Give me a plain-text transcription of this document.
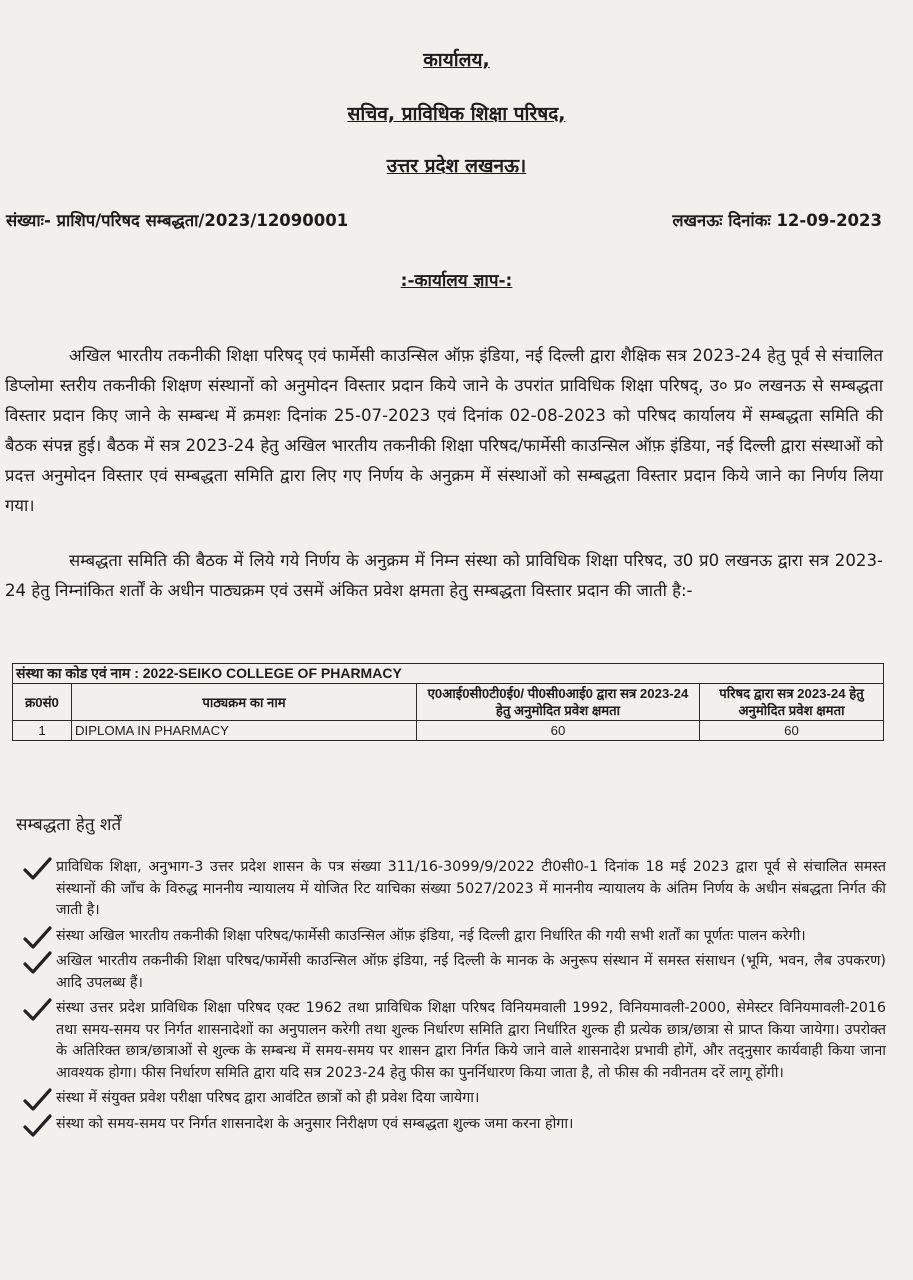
कार्यालय,

सचिव, प्राविधिक शिक्षा परिषद,

उत्तर प्रदेश लखनऊ।

संख्याः- प्राशिप/परिषद सम्बद्धता/2023/12090001	लखनऊः दिनांकः 12-09-2023
:-कार्यालय ज्ञाप-:

अखिल भारतीय तकनीकी शिक्षा परिषद् एवं फार्मेसी काउन्सिल ऑफ़ इंडिया, नई दिल्ली द्वारा शैक्षिक सत्र 2023-24 हेतु पूर्व से संचालित डिप्लोमा स्तरीय तकनीकी शिक्षण संस्थानों को अनुमोदन विस्तार प्रदान किये जाने के उपरांत प्राविधिक शिक्षा परिषद्, उ० प्र० लखनऊ से सम्बद्धता विस्तार प्रदान किए जाने के सम्बन्ध में क्रमशः दिनांक 25-07-2023 एवं दिनांक 02-08-2023 को परिषद कार्यालय में सम्बद्धता समिति की बैठक संपन्न हुई। बैठक में सत्र 2023-24 हेतु अखिल भारतीय तकनीकी शिक्षा परिषद/फार्मेसी काउन्सिल ऑफ़ इंडिया, नई दिल्ली द्वारा संस्थाओं को प्रदत्त अनुमोदन विस्तार एवं सम्बद्धता समिति द्वारा लिए गए निर्णय के अनुक्रम में संस्थाओं को सम्बद्धता विस्तार प्रदान किये जाने का निर्णय लिया गया।

सम्बद्धता समिति की बैठक में लिये गये निर्णय के अनुक्रम में निम्न संस्था को प्राविधिक शिक्षा परिषद, उ0 प्र0 लखनऊ द्वारा सत्र 2023-24 हेतु निम्नांकित शर्तों के अधीन पाठ्यक्रम एवं उसमें अंकित प्रवेश क्षमता हेतु सम्बद्धता विस्तार प्रदान की जाती है:-

संस्था का कोड एवं नाम : 2022-SEIKO COLLEGE OF PHARMACY			
क्र0सं0	पाठ्यक्रम का नाम	ए0आई0सी0टी0ई0/ पी0सी0आई0 द्वारा सत्र 2023-24 हेतु अनुमोदित प्रवेश क्षमता	परिषद द्वारा सत्र 2023-24 हेतु अनुमोदित प्रवेश क्षमता
1	DIPLOMA IN PHARMACY	60	60

सम्बद्धता हेतु शर्तें

प्राविधिक शिक्षा, अनुभाग-3 उत्तर प्रदेश शासन के पत्र संख्या 311/16-3099/9/2022 टी0सी0-1 दिनांक 18 मई 2023 द्वारा पूर्व से संचालित समस्त संस्थानों की जाँच के विरुद्ध माननीय न्यायालय में योजित रिट याचिका संख्या 5027/2023 में माननीय न्यायालय के अंतिम निर्णय के अधीन संबद्धता निर्गत की जाती है।
संस्था अखिल भारतीय तकनीकी शिक्षा परिषद/फार्मेसी काउन्सिल ऑफ़ इंडिया, नई दिल्ली द्वारा निर्धारित की गयी सभी शर्तों का पूर्णतः पालन करेगी।
अखिल भारतीय तकनीकी शिक्षा परिषद/फार्मेसी काउन्सिल ऑफ़ इंडिया, नई दिल्ली के मानक के अनुरूप संस्थान में समस्त संसाधन (भूमि, भवन, लैब उपकरण) आदि उपलब्ध हैं।
संस्था उत्तर प्रदेश प्राविधिक शिक्षा परिषद एक्ट 1962 तथा प्राविधिक शिक्षा परिषद विनियमवाली 1992, विनियमावली-2000, सेमेस्टर विनियमावली-2016 तथा समय-समय पर निर्गत शासनादेशों का अनुपालन करेगी तथा शुल्क निर्धारण समिति द्वारा निर्धारित शुल्क ही प्रत्येक छात्र/छात्रा से प्राप्त किया जायेगा। उपरोक्त के अतिरिक्त छात्र/छात्राओं से शुल्क के सम्बन्ध में समय-समय पर शासन द्वारा निर्गत किये जाने वाले शासनादेश प्रभावी होगें, और तद्नुसार कार्यवाही किया जाना आवश्यक होगा। फीस निर्धारण समिति द्वारा यदि सत्र 2023-24 हेतु फीस का पुनर्निधारण किया जाता है, तो फीस की नवीनतम दरें लागू होंगी।
संस्था में संयुक्त प्रवेश परीक्षा परिषद द्वारा आवंटित छात्रों को ही प्रवेश दिया जायेगा।
संस्था को समय-समय पर निर्गत शासनादेश के अनुसार निरीक्षण एवं सम्बद्धता शुल्क जमा करना होगा।
